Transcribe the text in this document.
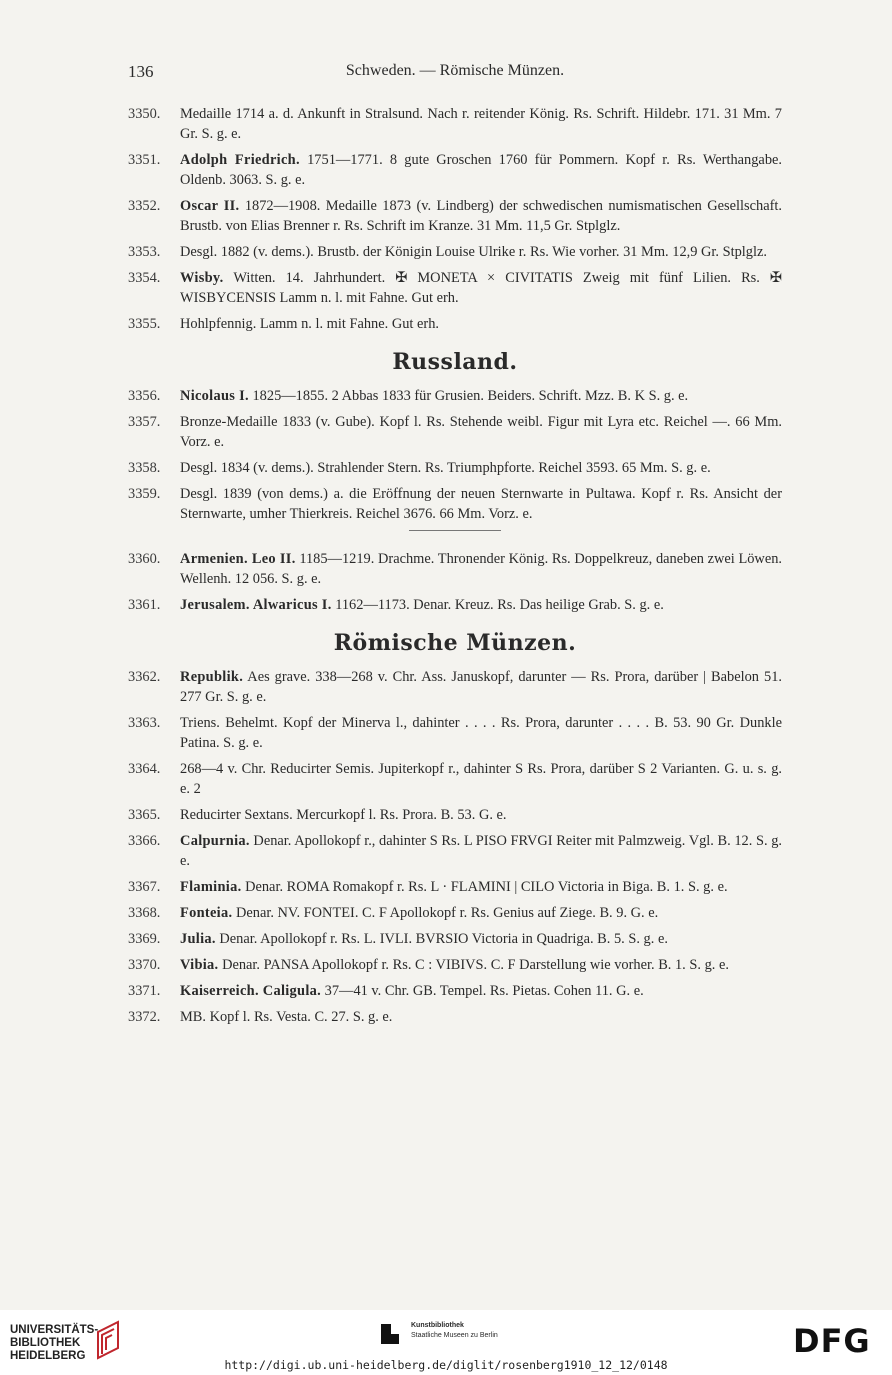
136	Schweden. — Römische Münzen.
3350.	Medaille 1714 a. d. Ankunft in Stralsund. Nach r. reitender König. Rs. Schrift. Hildebr. 171. 31 Mm. 7 Gr. S. g. e.
3351.	Adolph Friedrich. 1751—1771. 8 gute Groschen 1760 für Pommern. Kopf r. Rs. Werthangabe. Oldenb. 3063. S. g. e.
3352.	Oscar II. 1872—1908. Medaille 1873 (v. Lindberg) der schwedischen numismatischen Gesellschaft. Brustb. von Elias Brenner r. Rs. Schrift im Kranze. 31 Mm. 11,5 Gr. Stplglz.
3353.	Desgl. 1882 (v. dems.). Brustb. der Königin Louise Ulrike r. Rs. Wie vorher. 31 Mm. 12,9 Gr. Stplglz.
3354.	Wisby. Witten. 14. Jahrhundert. ✠ MONETA × CIVITATIS Zweig mit fünf Lilien. Rs. ✠ WISBYCENSIS Lamm n. l. mit Fahne. Gut erh.
3355.	Hohlpfennig. Lamm n. l. mit Fahne. Gut erh.
Russland.
3356.	Nicolaus I. 1825—1855. 2 Abbas 1833 für Grusien. Beiders. Schrift. Mzz. B. K S. g. e.
3357.	Bronze-Medaille 1833 (v. Gube). Kopf l. Rs. Stehende weibl. Figur mit Lyra etc. Reichel —. 66 Mm. Vorz. e.
3358.	Desgl. 1834 (v. dems.). Strahlender Stern. Rs. Triumphpforte. Reichel 3593. 65 Mm. S. g. e.
3359.	Desgl. 1839 (von dems.) a. die Eröffnung der neuen Sternwarte in Pultawa. Kopf r. Rs. Ansicht der Sternwarte, umher Thierkreis. Reichel 3676. 66 Mm. Vorz. e.
3360.	Armenien. Leo II. 1185—1219. Drachme. Thronender König. Rs. Doppelkreuz, daneben zwei Löwen. Wellenh. 12 056. S. g. e.
3361.	Jerusalem. Alwaricus I. 1162—1173. Denar. Kreuz. Rs. Das heilige Grab. S. g. e.
Römische Münzen.
3362.	Republik. Aes grave. 338—268 v. Chr. Ass. Januskopf, darunter — Rs. Prora, darüber | Babelon 51. 277 Gr. S. g. e.
3363.	Triens. Behelmt. Kopf der Minerva l., dahinter . . . . Rs. Prora, darunter . . . . B. 53. 90 Gr. Dunkle Patina. S. g. e.
3364.	268—4 v. Chr. Reducirter Semis. Jupiterkopf r., dahinter S Rs. Prora, darüber S 2 Varianten. G. u. s. g. e. 2
3365.	Reducirter Sextans. Mercurkopf l. Rs. Prora. B. 53. G. e.
3366.	Calpurnia. Denar. Apollokopf r., dahinter S Rs. L PISO FRVGI Reiter mit Palmzweig. Vgl. B. 12. S. g. e.
3367.	Flaminia. Denar. ROMA Romakopf r. Rs. L · FLAMINI | CILO Victoria in Biga. B. 1. S. g. e.
3368.	Fonteia. Denar. NV. FONTEI. C. F Apollokopf r. Rs. Genius auf Ziege. B. 9. G. e.
3369.	Julia. Denar. Apollokopf r. Rs. L. IVLI. BVRSIO Victoria in Quadriga. B. 5. S. g. e.
3370.	Vibia. Denar. PANSA Apollokopf r. Rs. C : VIBIVS. C. F Darstellung wie vorher. B. 1. S. g. e.
3371.	Kaiserreich. Caligula. 37—41 v. Chr. GB. Tempel. Rs. Pietas. Cohen 11. G. e.
3372.	MB. Kopf l. Rs. Vesta. C. 27. S. g. e.
UNIVERSITÄTS-
BIBLIOTHEK
HEIDELBERG
Kunstbibliothek
Staatliche Museen zu Berlin	DFG
http://digi.ub.uni-heidelberg.de/diglit/rosenberg1910_12_12/0148
